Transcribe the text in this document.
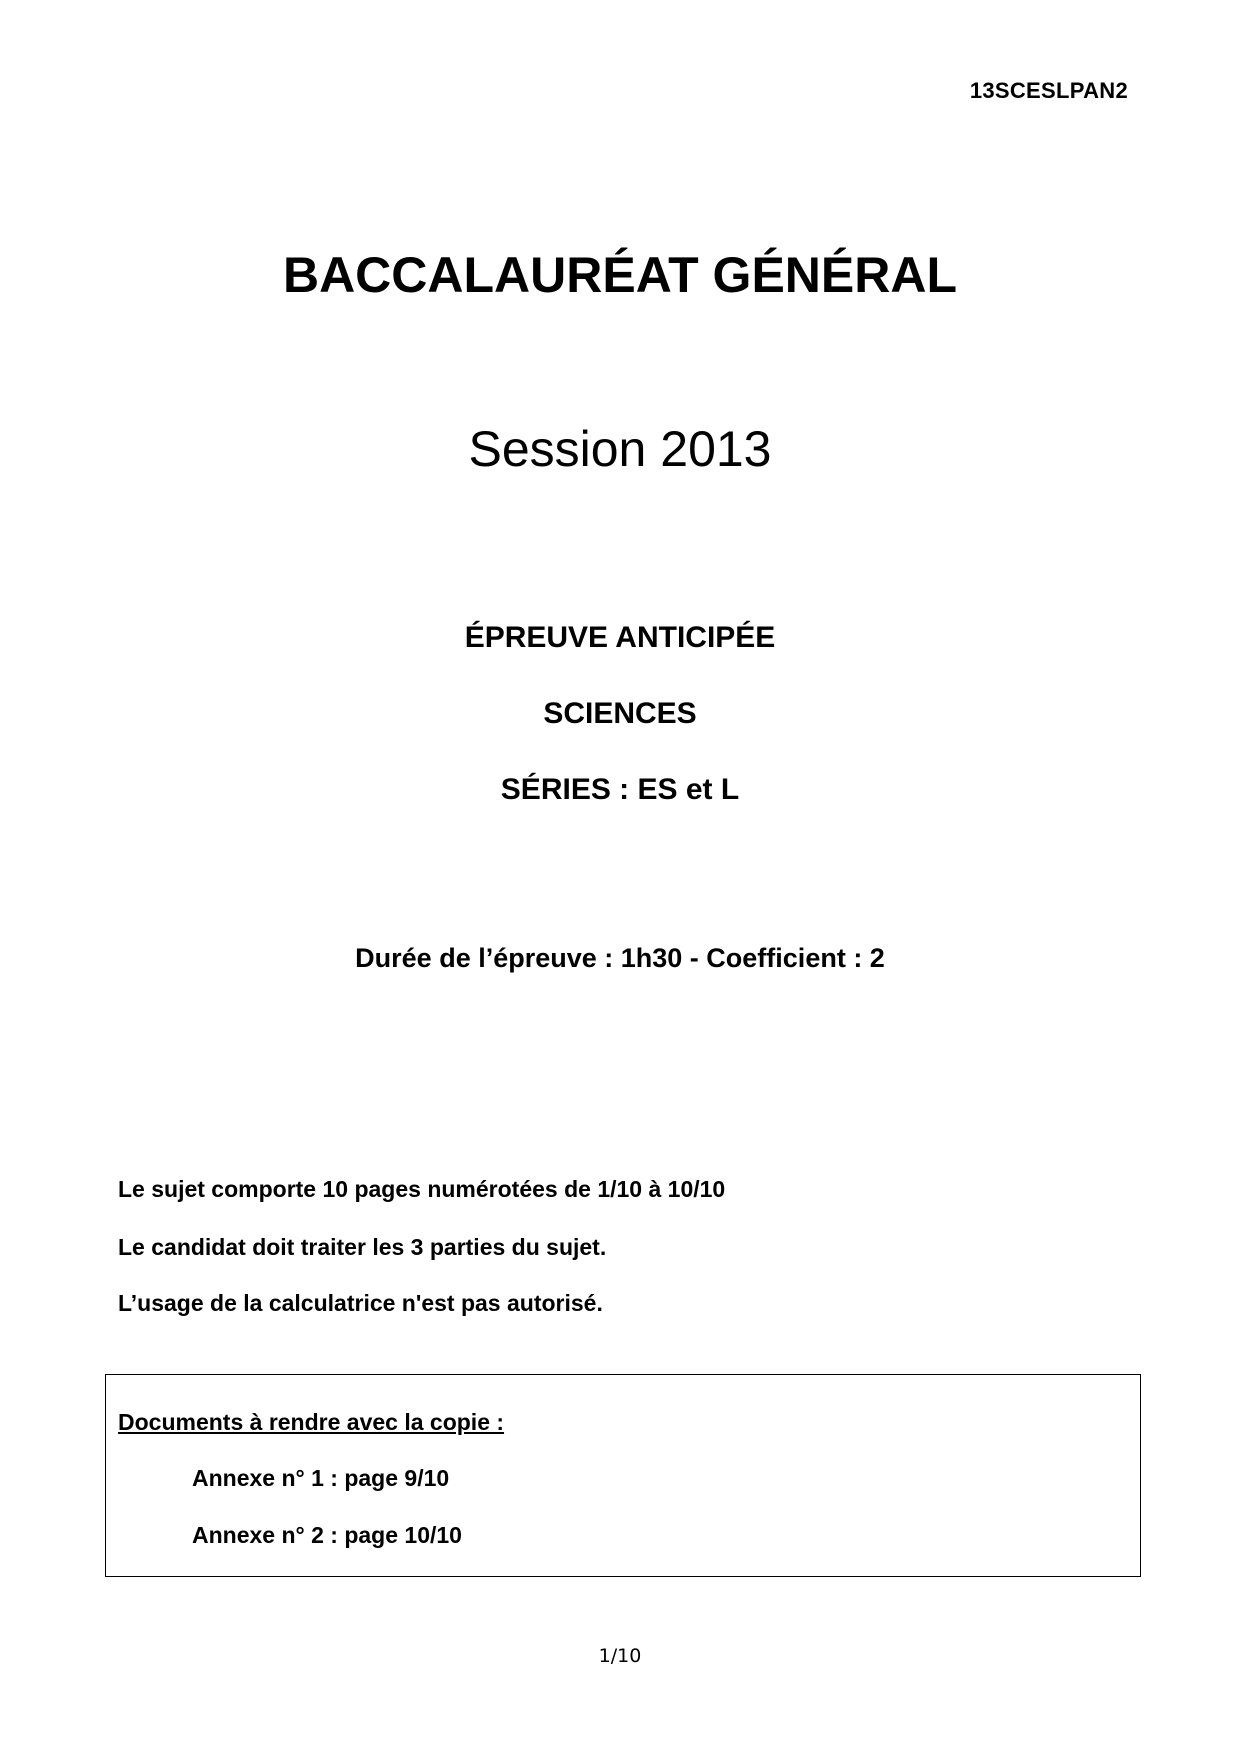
13SCESLPAN2
BACCALAURÉAT GÉNÉRAL
Session 2013
ÉPREUVE ANTICIPÉE
SCIENCES
SÉRIES : ES et L
Durée de l’épreuve : 1h30 - Coefficient : 2
Le sujet comporte 10 pages numérotées de 1/10 à 10/10
Le candidat doit traiter les 3 parties du sujet.
L’usage de la calculatrice n'est pas autorisé.
Documents à rendre avec la copie :
Annexe n° 1 : page 9/10
Annexe n° 2 : page 10/10
1/10
